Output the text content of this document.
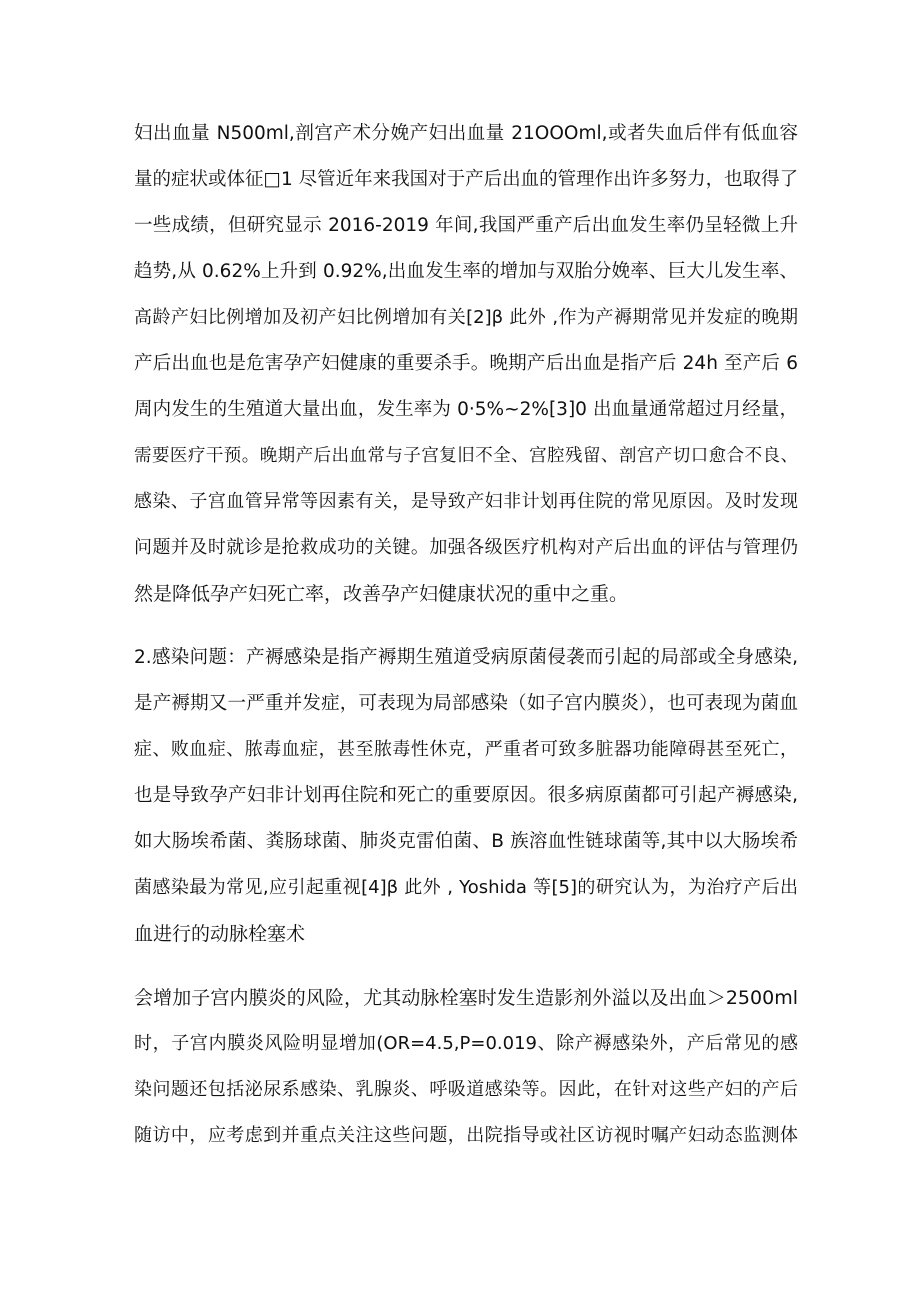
妇出血量 N500ml,剖宫产术分娩产妇出血量 21OOOml,或者失血后伴有低血容
量的症状或体征□1 尽管近年来我国对于产后出血的管理作出许多努力，也取得了
一些成绩，但研究显示 2016-2019 年间,我国严重产后出血发生率仍呈轻微上升
趋势,从 0.62%上升到 0.92%,出血发生率的增加与双胎分娩率、巨大儿发生率、
高龄产妇比例增加及初产妇比例增加有关[2]β 此外 ,作为产褥期常见并发症的晚期
产后出血也是危害孕产妇健康的重要杀手。晚期产后出血是指产后 24h 至产后 6
周内发生的生殖道大量出血，发生率为 0·5%~2%[3]0 出血量通常超过月经量，
需要医疗干预。晚期产后出血常与子宫复旧不全、宫腔残留、剖宫产切口愈合不良、
感染、子宫血管异常等因素有关，是导致产妇非计划再住院的常见原因。及时发现
问题并及时就诊是抢救成功的关键。加强各级医疗机构对产后出血的评估与管理仍
然是降低孕产妇死亡率，改善孕产妇健康状况的重中之重。
2.感染问题：产褥感染是指产褥期生殖道受病原菌侵袭而引起的局部或全身感染,
是产褥期又一严重并发症，可表现为局部感染（如子宫内膜炎），也可表现为菌血
症、败血症、脓毒血症，甚至脓毒性休克，严重者可致多脏器功能障碍甚至死亡，
也是导致孕产妇非计划再住院和死亡的重要原因。很多病原菌都可引起产褥感染,
如大肠埃希菌、粪肠球菌、肺炎克雷伯菌、B 族溶血性链球菌等,其中以大肠埃希
菌感染最为常见,应引起重视[4]β 此外 , Yoshida 等[5]的研究认为，为治疗产后出
血进行的动脉栓塞术
会增加子宫内膜炎的风险，尤其动脉栓塞时发生造影剂外溢以及出血＞2500ml
时，子宫内膜炎风险明显增加(OR=4.5,P=0.019、除产褥感染外，产后常见的感
染问题还包括泌尿系感染、乳腺炎、呼吸道感染等。因此，在针对这些产妇的产后
随访中，应考虑到并重点关注这些问题，出院指导或社区访视时嘱产妇动态监测体
